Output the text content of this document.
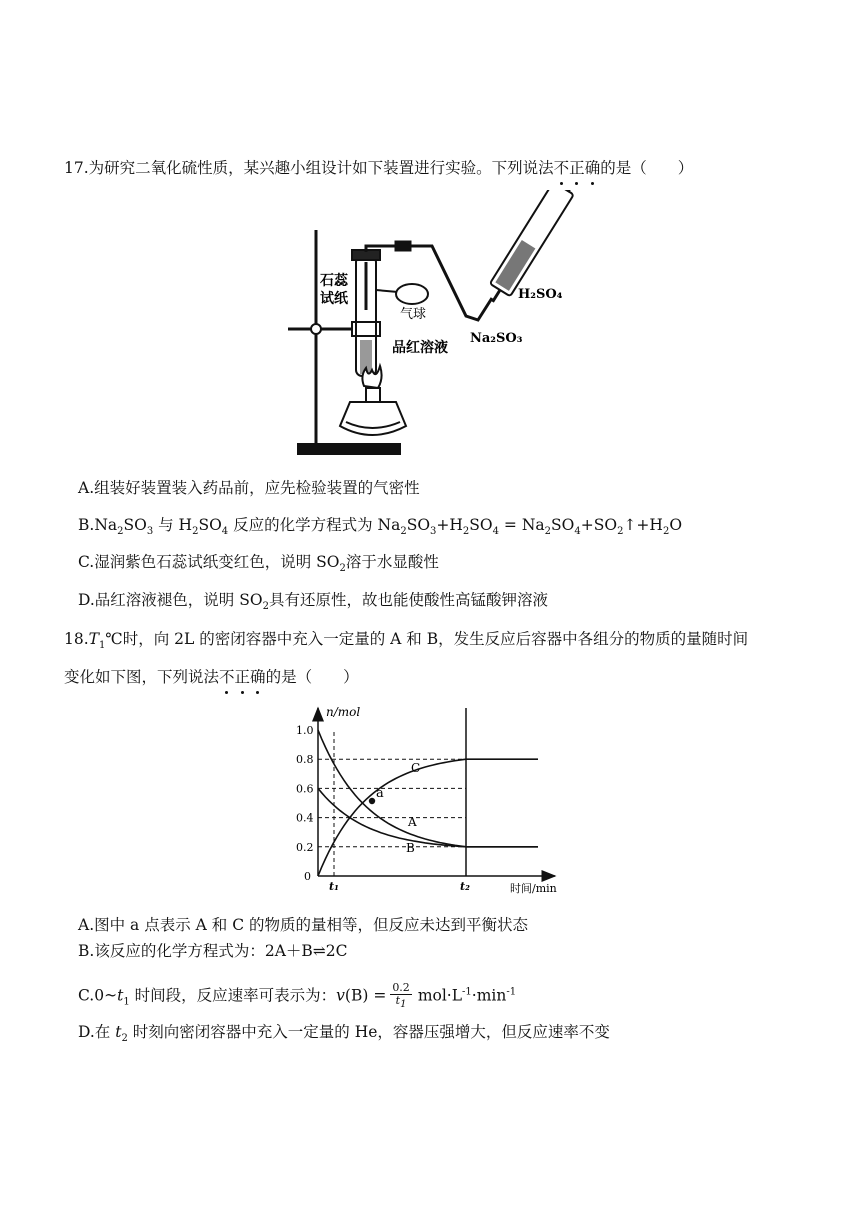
17.为研究二氧化硫性质，某兴趣小组设计如下装置进行实验。下列说法不正确的是（　　）
石蕊
试纸
气球
H₂SO₄
Na₂SO₃
品红溶液
A.组装好装置装入药品前，应先检验装置的气密性
$B.Na_2SO_3$ 与 $H_2SO_4$ 反应的化学方程式为 $Na_2SO_3+H_2SO_4$ = $Na_2SO_4+SO_2↑+H_2O$
C.湿润紫色石蕊试纸变红色，说明 $SO_2$溶于水显酸性
D.品红溶液褪色，说明 $SO_2$具有还原性，故也能使酸性高锰酸钾溶液
$18.T_1℃$时，向 2L 的密闭容器中充入一定量的 A 和 B，发生反应后容器中各组分的物质的量随时间
变化如下图，下列说法不正确的是（　　）
n/mol
时间/min
0
0.2
0.4
0.6
0.8
1.0
t₁	t₂
C
A
B
a
A.图中 a 点表示 A 和 C 的物质的量相等，但反应未达到平衡状态
B.该反应的化学方程式为：2A＋B⇌2C
$C.0\sim t_1$ 时间段，反应速率可表示为：$v(B) = \frac{0.2}{t_1} mol\cdot L^{-1}\cdot\min^{-1}$
D.在 $t_2$ 时刻向密闭容器中充入一定量的 He，容器压强增大，但反应速率不变
